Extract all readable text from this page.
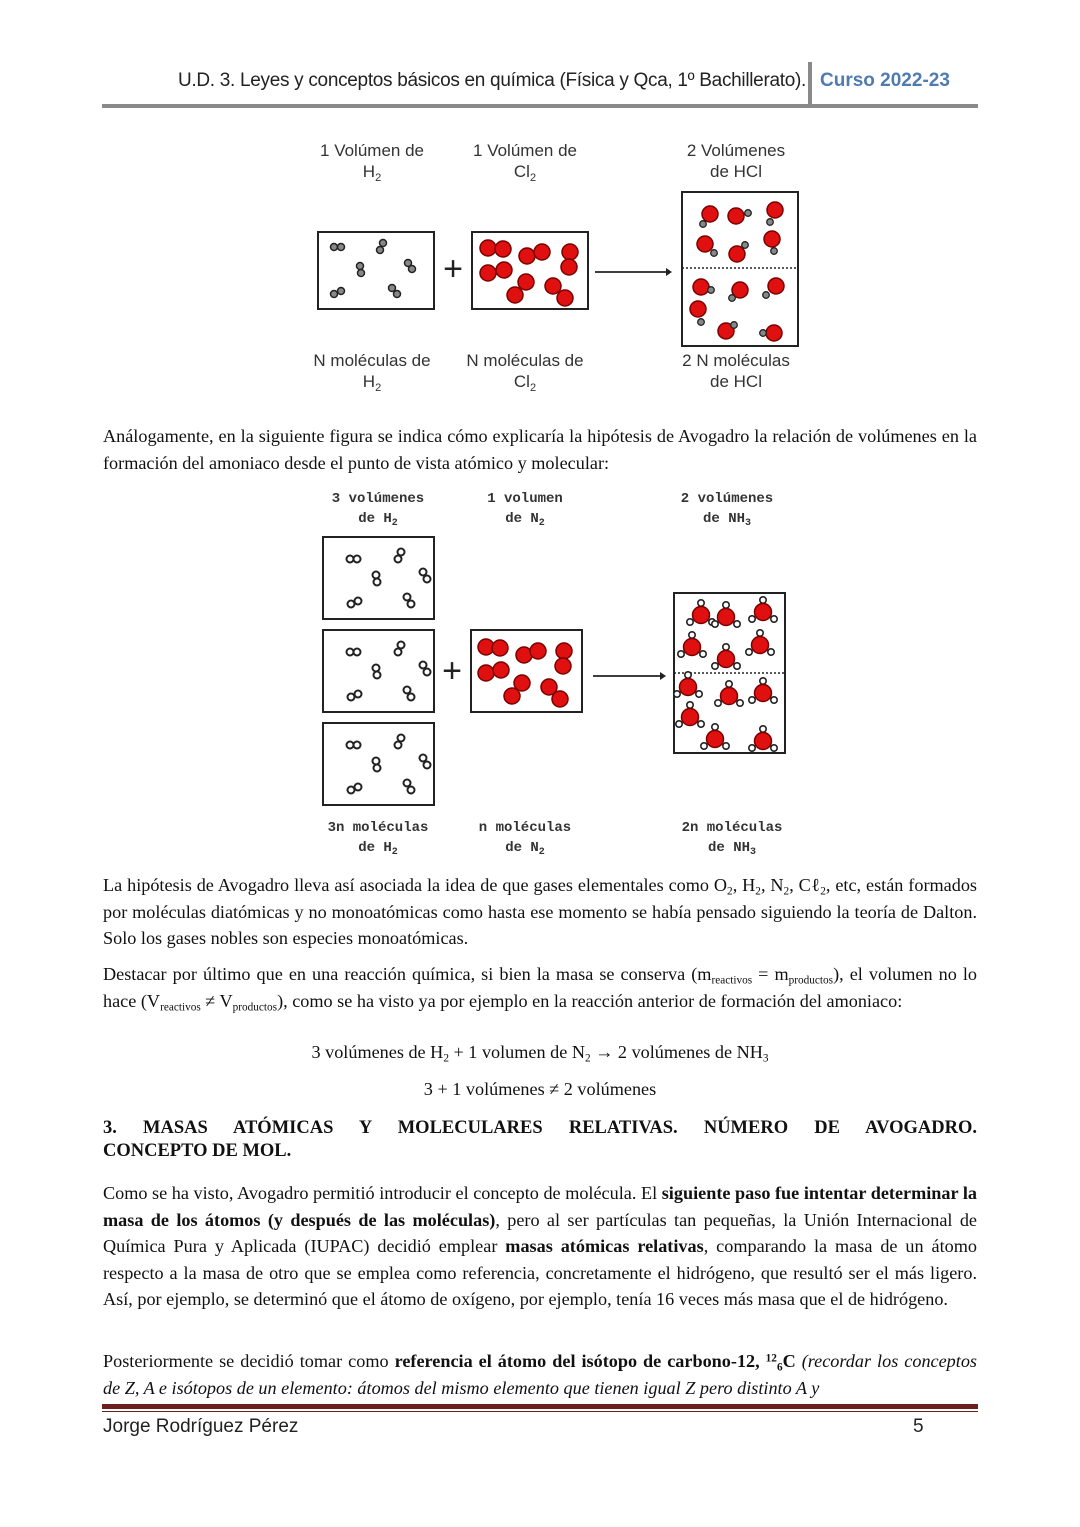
U.D. 3. Leyes y conceptos básicos en química (Física y Qca, 1º Bachillerato). Curso 2022-23
1 Volúmen de
$H_2$
1 Volúmen de
$Cl_2$
2 Volúmenes
de HCl
+
N moléculas de
$H_2$
N moléculas de
$Cl_2$
2 N moléculas
de HCl
Análogamente, en la siguiente figura se indica cómo explicaría la hipótesis de Avogadro la relación de volúmenes en la formación del amoniaco desde el punto de vista atómico y molecular:
3 volúmenes
de $H_2$
1 volumen
de $N_2$
2 volúmenes
de $NH_3$
+
3n moléculas
de $H_2$
n moléculas
de $N_2$
2n moléculas
de $NH_3$
La hipótesis de Avogadro lleva así asociada la idea de que gases elementales como $O_2$, $H_2$, $N_2$, Cℓ$_2$, etc, están formados por moléculas diatómicas y no monoatómicas como hasta ese momento se había pensado siguiendo la teoría de Dalton. Solo los gases nobles son especies monoatómicas.
Destacar por último que en una reacción química, si bien la masa se conserva $(m_{reactivos} = m_{productos})$, el volumen no lo hace $(V_{reactivos} \ne V_{productos})$, como se ha visto ya por ejemplo en la reacción anterior de formación del amoniaco:
3 volúmenes de $H_2 + 1$ volumen de $N_2 \to 2$ volúmenes de $NH_3$
3 + 1 volúmenes ≠ 2 volúmenes
3. MASAS ATÓMICAS Y MOLECULARES RELATIVAS. NÚMERO DE AVOGADRO.
CONCEPTO DE MOL.
Como se ha visto, Avogadro permitió introducir el concepto de molécula. El siguiente paso fue intentar determinar la masa de los átomos (y después de las moléculas), pero al ser partículas tan pequeñas, la Unión Internacional de Química Pura y Aplicada (IUPAC) decidió emplear masas atómicas relativas, comparando la masa de un átomo respecto a la masa de otro que se emplea como referencia, concretamente el hidrógeno, que resultó ser el más ligero. Así, por ejemplo, se determinó que el átomo de oxígeno, por ejemplo, tenía 16 veces más masa que el de hidrógeno.
Posteriormente se decidió tomar como referencia el átomo del isótopo de carbono-12, $^{12}_6$C (recordar los conceptos de Z, A e isótopos de un elemento: átomos del mismo elemento que tienen igual Z pero distinto A y
Jorge Rodríguez Pérez	5
